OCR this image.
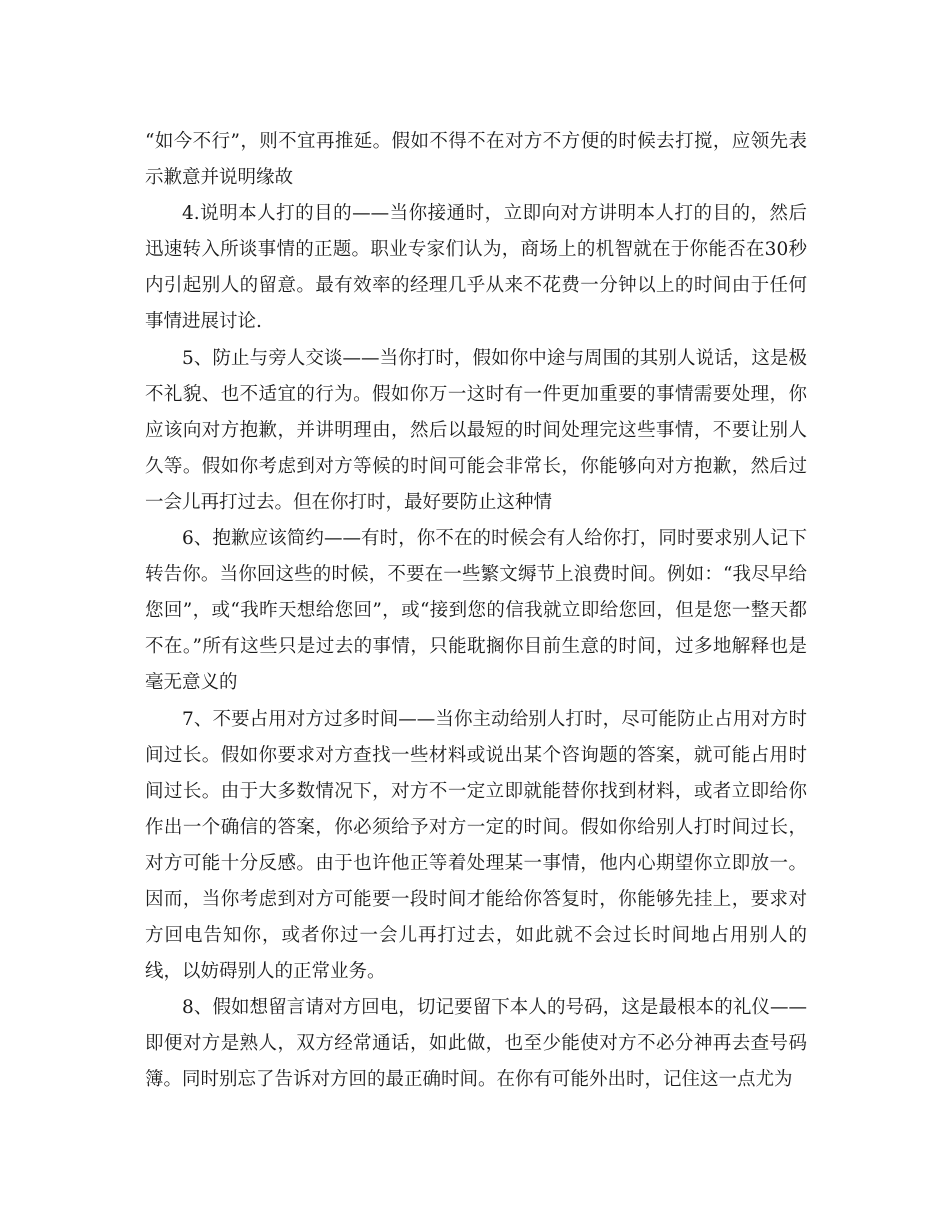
“如今不行”，则不宜再推延。假如不得不在对方不方便的时候去打搅，应领先表示歉意并说明缘故

4.说明本人打的目的——当你接通时，立即向对方讲明本人打的目的，然后迅速转入所谈事情的正题。职业专家们认为，商场上的机智就在于你能否在30秒内引起别人的留意。最有效率的经理几乎从来不花费一分钟以上的时间由于任何事情进展讨论.

5、防止与旁人交谈——当你打时，假如你中途与周围的其别人说话，这是极不礼貌、也不适宜的行为。假如你万一这时有一件更加重要的事情需要处理，你应该向对方抱歉，并讲明理由，然后以最短的时间处理完这些事情，不要让别人久等。假如你考虑到对方等候的时间可能会非常长，你能够向对方抱歉，然后过一会儿再打过去。但在你打时，最好要防止这种情

6、抱歉应该简约——有时，你不在的时候会有人给你打，同时要求别人记下转告你。当你回这些的时候，不要在一些繁文缛节上浪费时间。例如：“我尽早给您回”，或“我昨天想给您回”，或“接到您的信我就立即给您回，但是您一整天都不在。”所有这些只是过去的事情，只能耽搁你目前生意的时间，过多地解释也是毫无意义的

7、不要占用对方过多时间——当你主动给别人打时，尽可能防止占用对方时间过长。假如你要求对方查找一些材料或说出某个咨询题的答案，就可能占用时间过长。由于大多数情况下，对方不一定立即就能替你找到材料，或者立即给你作出一个确信的答案，你必须给予对方一定的时间。假如你给别人打时间过长，对方可能十分反感。由于也许他正等着处理某一事情，他内心期望你立即放一。因而，当你考虑到对方可能要一段时间才能给你答复时，你能够先挂上，要求对方回电告知你，或者你过一会儿再打过去，如此就不会过长时间地占用别人的线，以妨碍别人的正常业务。

8、假如想留言请对方回电，切记要留下本人的号码，这是最根本的礼仪——即便对方是熟人，双方经常通话，如此做，也至少能使对方不必分神再去查号码簿。同时别忘了告诉对方回的最正确时间。在你有可能外出时，记住这一点尤为
